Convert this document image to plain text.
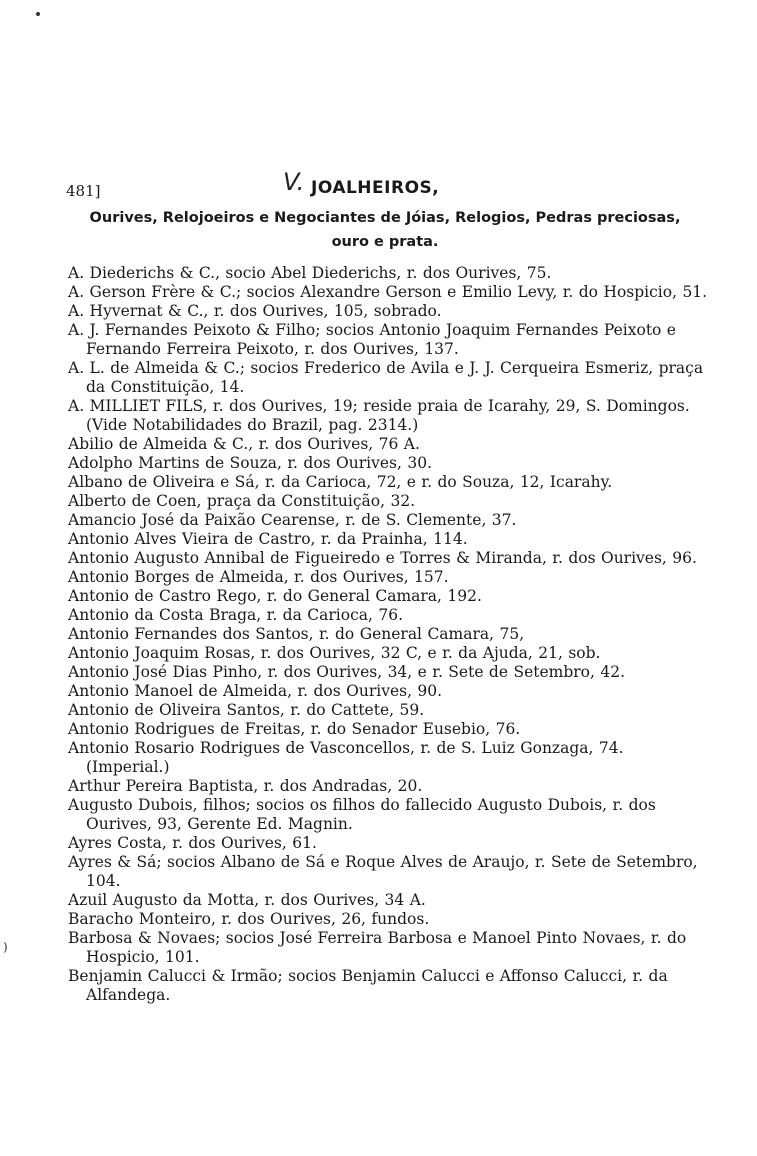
481]	V. JOALHEIROS,
Ourives, Relojoeiros e Negociantes de Jóias, Relogios, Pedras preciosas, ouro e prata.
A. Diederichs & C., socio Abel Diederichs, r. dos Ourives, 75.
A. Gerson Frère & C.; socios Alexandre Gerson e Emilio Levy, r. do Hospicio, 51.
A. Hyvernat & C., r. dos Ourives, 105, sobrado.
A. J. Fernandes Peixoto & Filho; socios Antonio Joaquim Fernandes Peixoto e Fernando Ferreira Peixoto, r. dos Ourives, 137.
A. L. de Almeida & C.; socios Frederico de Avila e J. J. Cerqueira Esmeriz, praça da Constituição, 14.
A. MILLIET FILS, r. dos Ourives, 19; reside praia de Icarahy, 29, S. Domingos. (Vide Notabilidades do Brazil, pag. 2314.)
Abilio de Almeida & C., r. dos Ourives, 76 A.
Adolpho Martins de Souza, r. dos Ourives, 30.
Albano de Oliveira e Sá, r. da Carioca, 72, e r. do Souza, 12, Icarahy.
Alberto de Coen, praça da Constituição, 32.
Amancio José da Paixão Cearense, r. de S. Clemente, 37.
Antonio Alves Vieira de Castro, r. da Prainha, 114.
Antonio Augusto Annibal de Figueiredo e Torres & Miranda, r. dos Ourives, 96.
Antonio Borges de Almeida, r. dos Ourives, 157.
Antonio de Castro Rego, r. do General Camara, 192.
Antonio da Costa Braga, r. da Carioca, 76.
Antonio Fernandes dos Santos, r. do General Camara, 75,
Antonio Joaquim Rosas, r. dos Ourives, 32 C, e r. da Ajuda, 21, sob.
Antonio José Dias Pinho, r. dos Ourives, 34, e r. Sete de Setembro, 42.
Antonio Manoel de Almeida, r. dos Ourives, 90.
Antonio de Oliveira Santos, r. do Cattete, 59.
Antonio Rodrigues de Freitas, r. do Senador Eusebio, 76.
Antonio Rosario Rodrigues de Vasconcellos, r. de S. Luiz Gonzaga, 74. (Imperial.)
Arthur Pereira Baptista, r. dos Andradas, 20.
Augusto Dubois, filhos; socios os filhos do fallecido Augusto Dubois, r. dos Ourives, 93, Gerente Ed. Magnin.
Ayres Costa, r. dos Ourives, 61.
Ayres & Sá; socios Albano de Sá e Roque Alves de Araujo, r. Sete de Setembro, 104.
Azuil Augusto da Motta, r. dos Ourives, 34 A.
Baracho Monteiro, r. dos Ourives, 26, fundos.
Barbosa & Novaes; socios José Ferreira Barbosa e Manoel Pinto Novaes, r. do Hospicio, 101.
Benjamin Calucci & Irmão; socios Benjamin Calucci e Affonso Calucci, r. da Alfandega.
)
